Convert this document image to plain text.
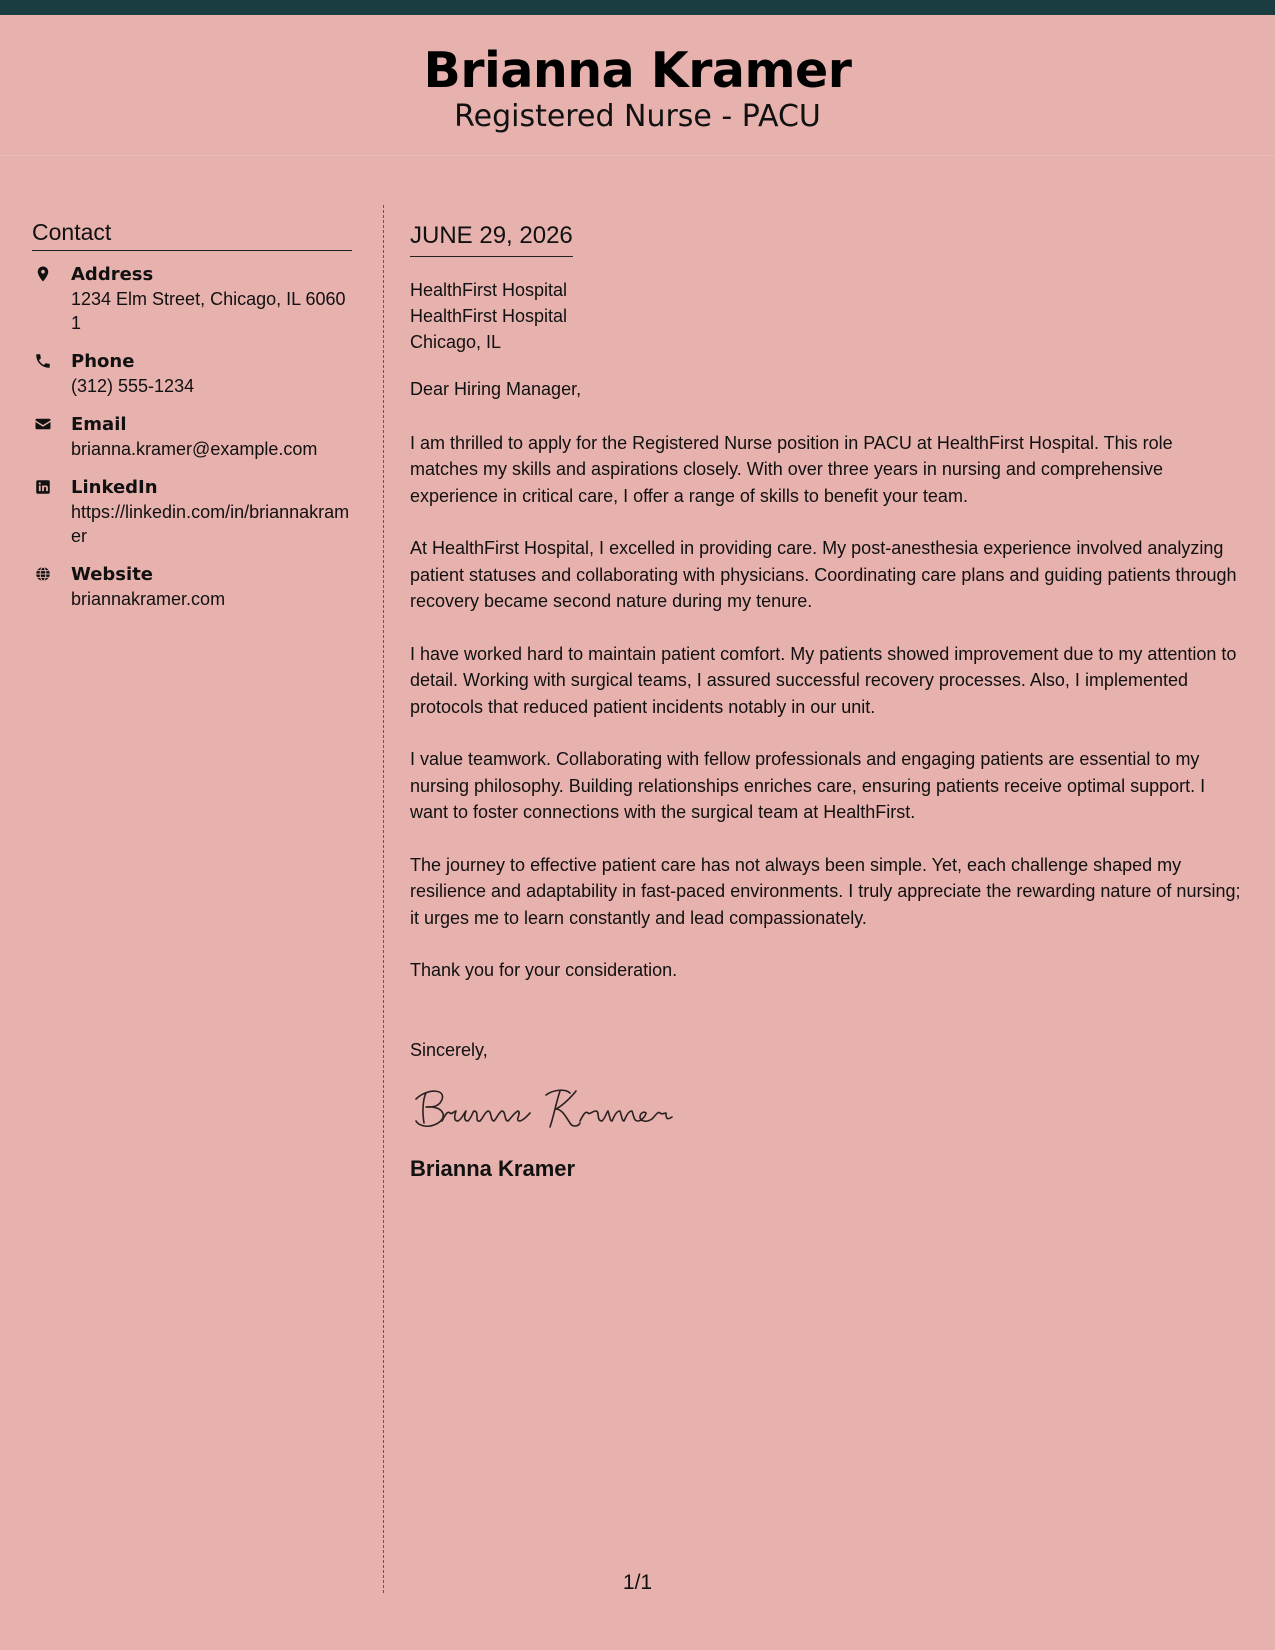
Brianna Kramer
Registered Nurse - PACU
Contact
Address
1234 Elm Street, Chicago, IL 60601
Phone
(312) 555-1234
Email
brianna.kramer@example.com
LinkedIn
https://linkedin.com/in/briannakramer
Website
briannakramer.com
JUNE 29, 2026
HealthFirst Hospital
HealthFirst Hospital
Chicago, IL

Dear Hiring Manager,

I am thrilled to apply for the Registered Nurse position in PACU at HealthFirst Hospital. This role matches my skills and aspirations closely. With over three years in nursing and comprehensive experience in critical care, I offer a range of skills to benefit your team.

At HealthFirst Hospital, I excelled in providing care. My post-anesthesia experience involved analyzing patient statuses and collaborating with physicians. Coordinating care plans and guiding patients through recovery became second nature during my tenure.

I have worked hard to maintain patient comfort. My patients showed improvement due to my attention to detail. Working with surgical teams, I assured successful recovery processes. Also, I implemented protocols that reduced patient incidents notably in our unit.

I value teamwork. Collaborating with fellow professionals and engaging patients are essential to my nursing philosophy. Building relationships enriches care, ensuring patients receive optimal support. I want to foster connections with the surgical team at HealthFirst.

The journey to effective patient care has not always been simple. Yet, each challenge shaped my resilience and adaptability in fast-paced environments. I truly appreciate the rewarding nature of nursing; it urges me to learn constantly and lead compassionately.

Thank you for your consideration.

Sincerely,

Brianna Kramer
1/1
